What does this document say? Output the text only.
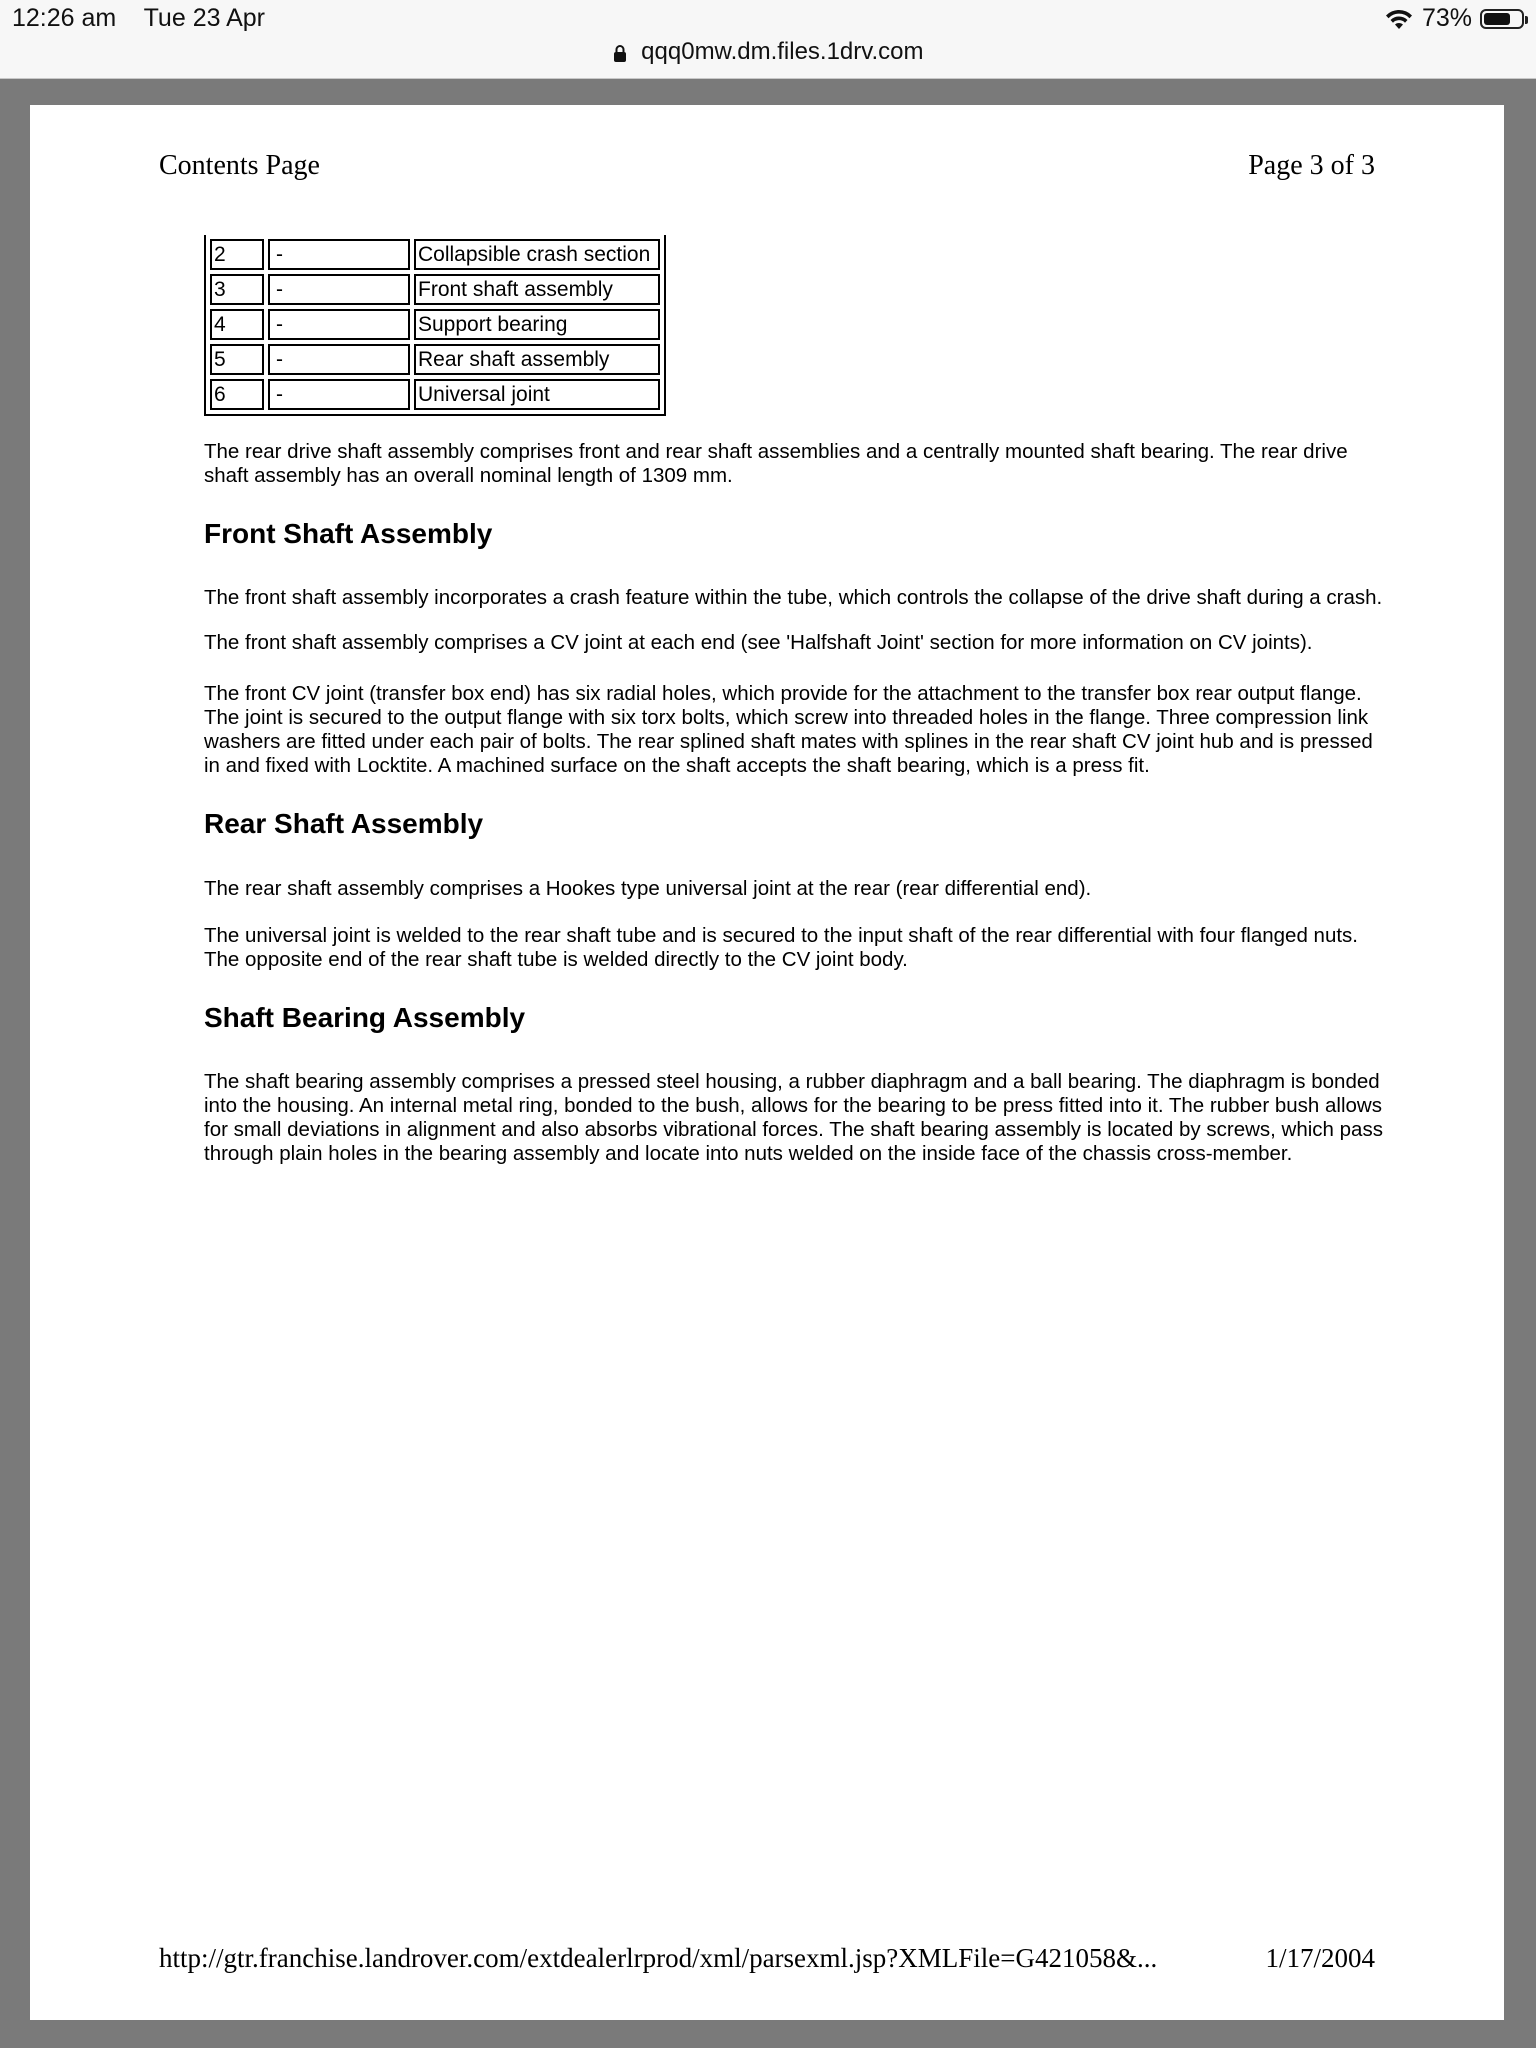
12:26 am Tue 23 Apr	73%
qqq0mw.dm.files.1drv.com
Contents Page	Page 3 of 3
2	-	Collapsible crash section
3	-	Front shaft assembly
4	-	Support bearing
5	-	Rear shaft assembly
6	-	Universal joint

The rear drive shaft assembly comprises front and rear shaft assemblies and a centrally mounted shaft bearing. The rear drive shaft assembly has an overall nominal length of 1309 mm.

Front Shaft Assembly

The front shaft assembly incorporates a crash feature within the tube, which controls the collapse of the drive shaft during a crash.

The front shaft assembly comprises a CV joint at each end (see 'Halfshaft Joint' section for more information on CV joints).

The front CV joint (transfer box end) has six radial holes, which provide for the attachment to the transfer box rear output flange. The joint is secured to the output flange with six torx bolts, which screw into threaded holes in the flange. Three compression link washers are fitted under each pair of bolts. The rear splined shaft mates with splines in the rear shaft CV joint hub and is pressed in and fixed with Locktite. A machined surface on the shaft accepts the shaft bearing, which is a press fit.

Rear Shaft Assembly

The rear shaft assembly comprises a Hookes type universal joint at the rear (rear differential end).

The universal joint is welded to the rear shaft tube and is secured to the input shaft of the rear differential with four flanged nuts. The opposite end of the rear shaft tube is welded directly to the CV joint body.

Shaft Bearing Assembly

The shaft bearing assembly comprises a pressed steel housing, a rubber diaphragm and a ball bearing. The diaphragm is bonded into the housing. An internal metal ring, bonded to the bush, allows for the bearing to be press fitted into it. The rubber bush allows for small deviations in alignment and also absorbs vibrational forces. The shaft bearing assembly is located by screws, which pass through plain holes in the bearing assembly and locate into nuts welded on the inside face of the chassis cross-member.

http://gtr.franchise.landrover.com/extdealerlrprod/xml/parsexml.jsp?XMLFile=G421058&...	1/17/2004
